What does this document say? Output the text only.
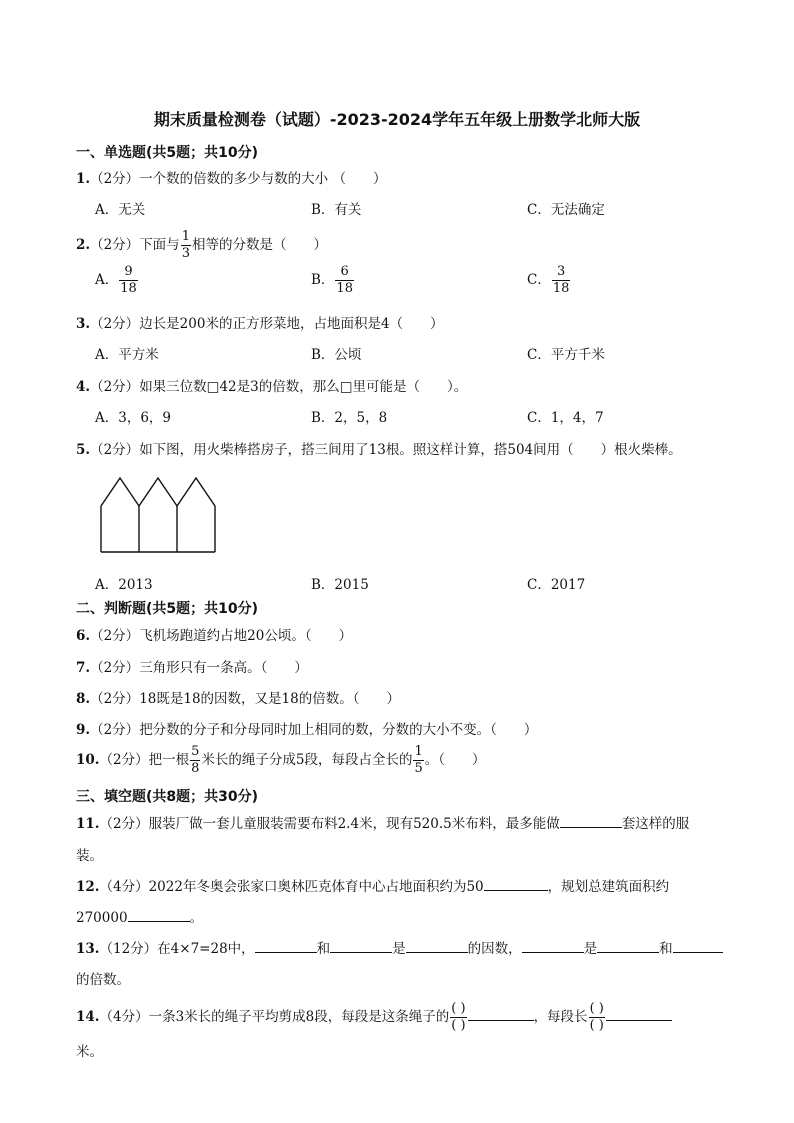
期末质量检测卷（试题）-2023-2024学年五年级上册数学北师大版
一、单选题(共5题；共10分)
1.（2分）一个数的倍数的多少与数的大小 （　　）
A．无关	B．有关	C．无法确定
2.（2分）下面与 $\frac{1}{3}$ 相等的分数是（　　）
A． $\frac{9}{18}$	B． $\frac{6}{18}$	C． $\frac{3}{18}$
3.（2分）边长是200米的正方形菜地，占地面积是4（　　）
A．平方米	B．公顷	C．平方千米
4.（2分）如果三位数□42是3的倍数，那么□里可能是（　　）。
A．3，6，9	B．2，5，8	C．1，4，7
5.（2分）如下图，用火柴棒搭房子，搭三间用了13根。照这样计算，搭504间用（　　）根火柴棒。
A．2013	B．2015	C．2017
二、判断题(共5题；共10分)
6.（2分）飞机场跑道约占地20公顷。（　　）
7.（2分）三角形只有一条高。（　　）
8.（2分）18既是18的因数，又是18的倍数。（　　）
9.（2分）把分数的分子和分母同时加上相同的数，分数的大小不变。（　　）
10.（2分）把一根 $\frac{5}{8}$ 米长的绳子分成5段，每段占全长的 $\frac{1}{5}$ 。（　　）
三、填空题(共8题；共30分)
11.（2分）服装厂做一套儿童服装需要布料2.4米，现有520.5米布料，最多能做	套这样的服
装。
12.（4分）2022年冬奥会张家口奥林匹克体育中心占地面积约为50	，规划总建筑面积约
270000	。
13.（12分）在4×7=28中，	和	是	的因数，	是	和
的倍数。
14.（4分）一条3米长的绳子平均剪成8段，每段是这条绳子的 $\frac{( )}{( )}$	，每段长 $\frac{( )}{( )}$
米。
